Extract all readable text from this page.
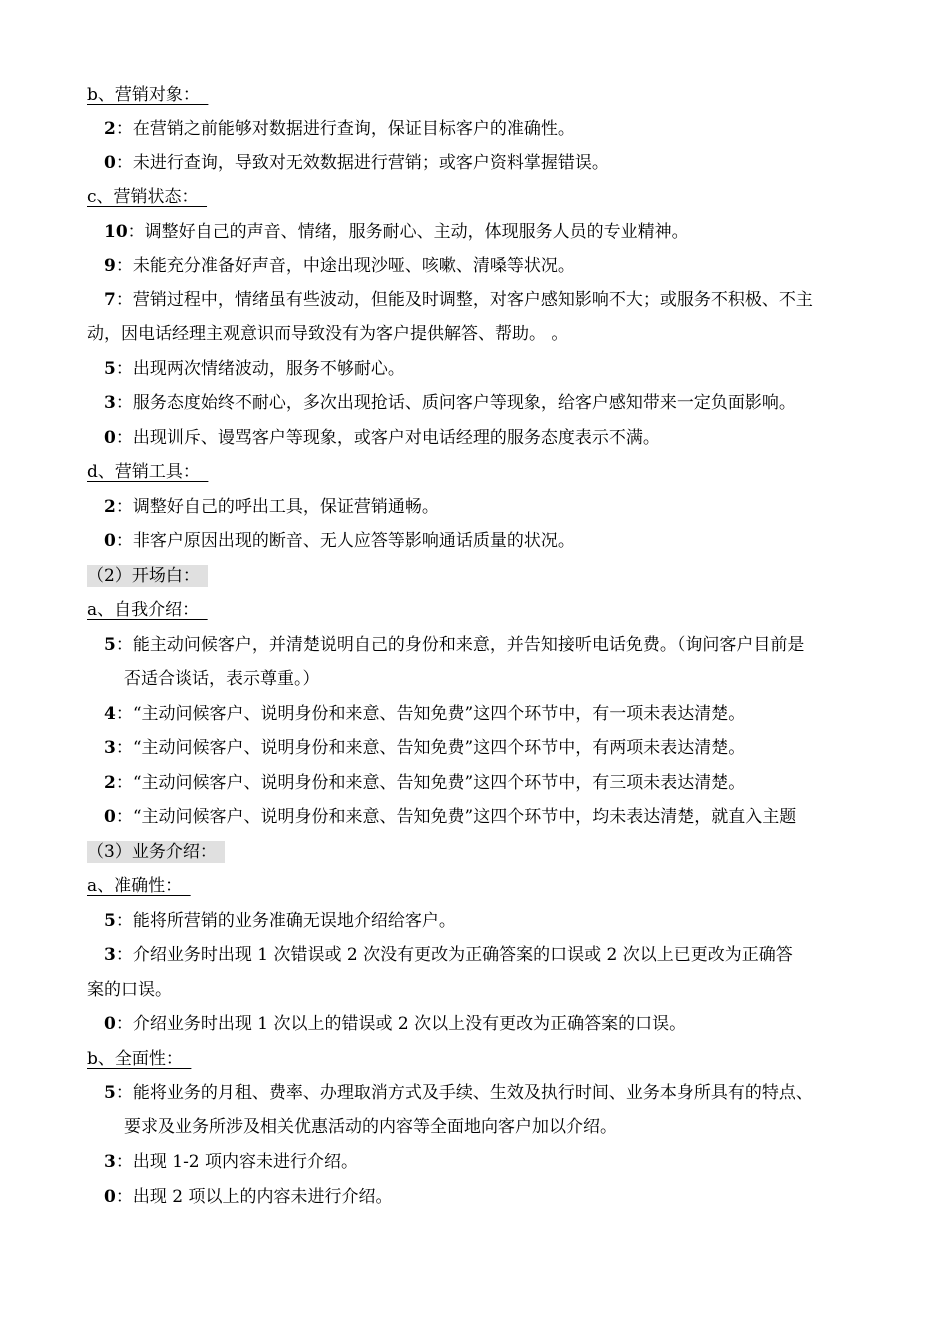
b、营销对象：　
2：在营销之前能够对数据进行查询，保证目标客户的准确性。
0：未进行查询，导致对无效数据进行营销；或客户资料掌握错误。
c、营销状态：　
10：调整好自己的声音、情绪，服务耐心、主动，体现服务人员的专业精神。
9：未能充分准备好声音，中途出现沙哑、咳嗽、清嗓等状况。
7：营销过程中，情绪虽有些波动，但能及时调整，对客户感知影响不大；或服务不积极、不主
动，因电话经理主观意识而导致没有为客户提供解答、帮助。 。
5：出现两次情绪波动，服务不够耐心。
3：服务态度始终不耐心，多次出现抢话、质问客户等现象，给客户感知带来一定负面影响。
0：出现训斥、谩骂客户等现象，或客户对电话经理的服务态度表示不满。
d、营销工具：　
2：调整好自己的呼出工具，保证营销通畅。
0：非客户原因出现的断音、无人应答等影响通话质量的状况。
（2）开场白：　
a、自我介绍：　
5：能主动问候客户，并清楚说明自己的身份和来意，并告知接听电话免费。（询问客户目前是
否适合谈话，表示尊重。）
4：“主动问候客户、说明身份和来意、告知免费”这四个环节中，有一项未表达清楚。
3：“主动问候客户、说明身份和来意、告知免费”这四个环节中，有两项未表达清楚。
2：“主动问候客户、说明身份和来意、告知免费”这四个环节中，有三项未表达清楚。
0：“主动问候客户、说明身份和来意、告知免费”这四个环节中，均未表达清楚，就直入主题
（3）业务介绍：　
a、准确性：　
5：能将所营销的业务准确无误地介绍给客户。
3：介绍业务时出现 1 次错误或 2 次没有更改为正确答案的口误或 2 次以上已更改为正确答
案的口误。
0：介绍业务时出现 1 次以上的错误或 2 次以上没有更改为正确答案的口误。
b、全面性：　
5：能将业务的月租、费率、办理取消方式及手续、生效及执行时间、业务本身所具有的特点、
要求及业务所涉及相关优惠活动的内容等全面地向客户加以介绍。
3：出现 1-2 项内容未进行介绍。
0：出现 2 项以上的内容未进行介绍。
